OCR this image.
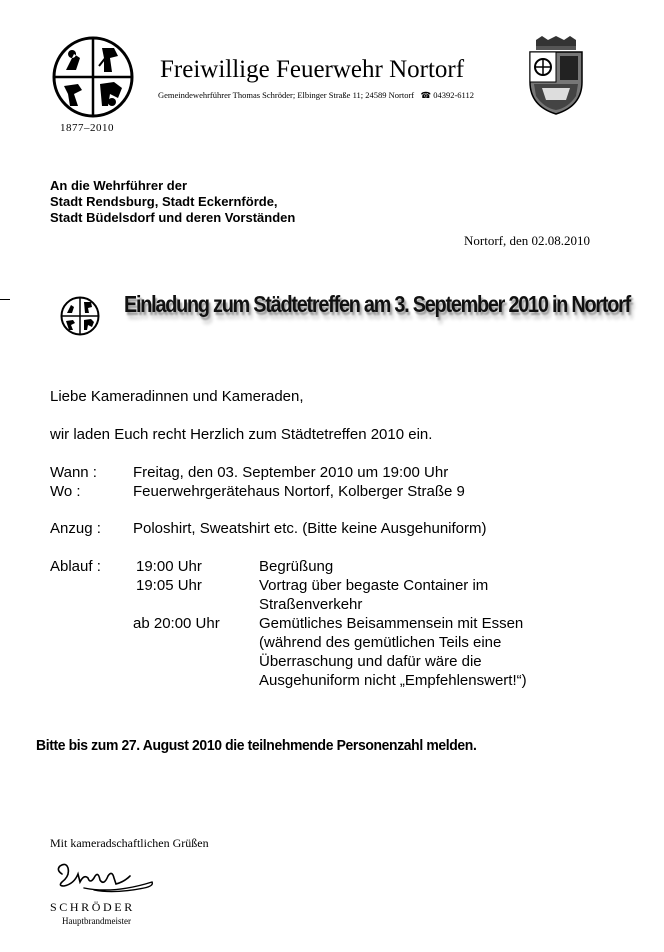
1877–2010
Freiwillige Feuerwehr Nortorf
Gemeindewehrführer Thomas Schröder; Elbinger Straße 11; 24589 Nortorf ☎ 04392-6112
An die Wehrführer der
Stadt Rendsburg, Stadt Eckernförde,
Stadt Büdelsdorf und deren Vorständen
Nortorf, den 02.08.2010
Einladung zum Städtetreffen am 3. September 2010 in Nortorf
Liebe Kameradinnen und Kameraden,
wir laden Euch recht Herzlich zum Städtetreffen 2010 ein.
Wann : Freitag, den 03. September 2010 um 19:00 Uhr
Wo :	Feuerwehrgerätehaus Nortorf, Kolberger Straße 9
Anzug : Poloshirt, Sweatshirt etc. (Bitte keine Ausgehuniform)
Ablauf : 19:00 Uhr	Begrüßung
19:05 Uhr	Vortrag über begaste Container im
Straßenverkehr
ab 20:00 Uhr	Gemütliches Beisammensein mit Essen
(während des gemütlichen Teils eine
Überraschung und dafür wäre die
Ausgehuniform nicht „Empfehlenswert!“)
Bitte bis zum 27. August 2010 die teilnehmende Personenzahl melden.
Mit kameradschaftlichen Grüßen
SCHRÖDER
Hauptbrandmeister
